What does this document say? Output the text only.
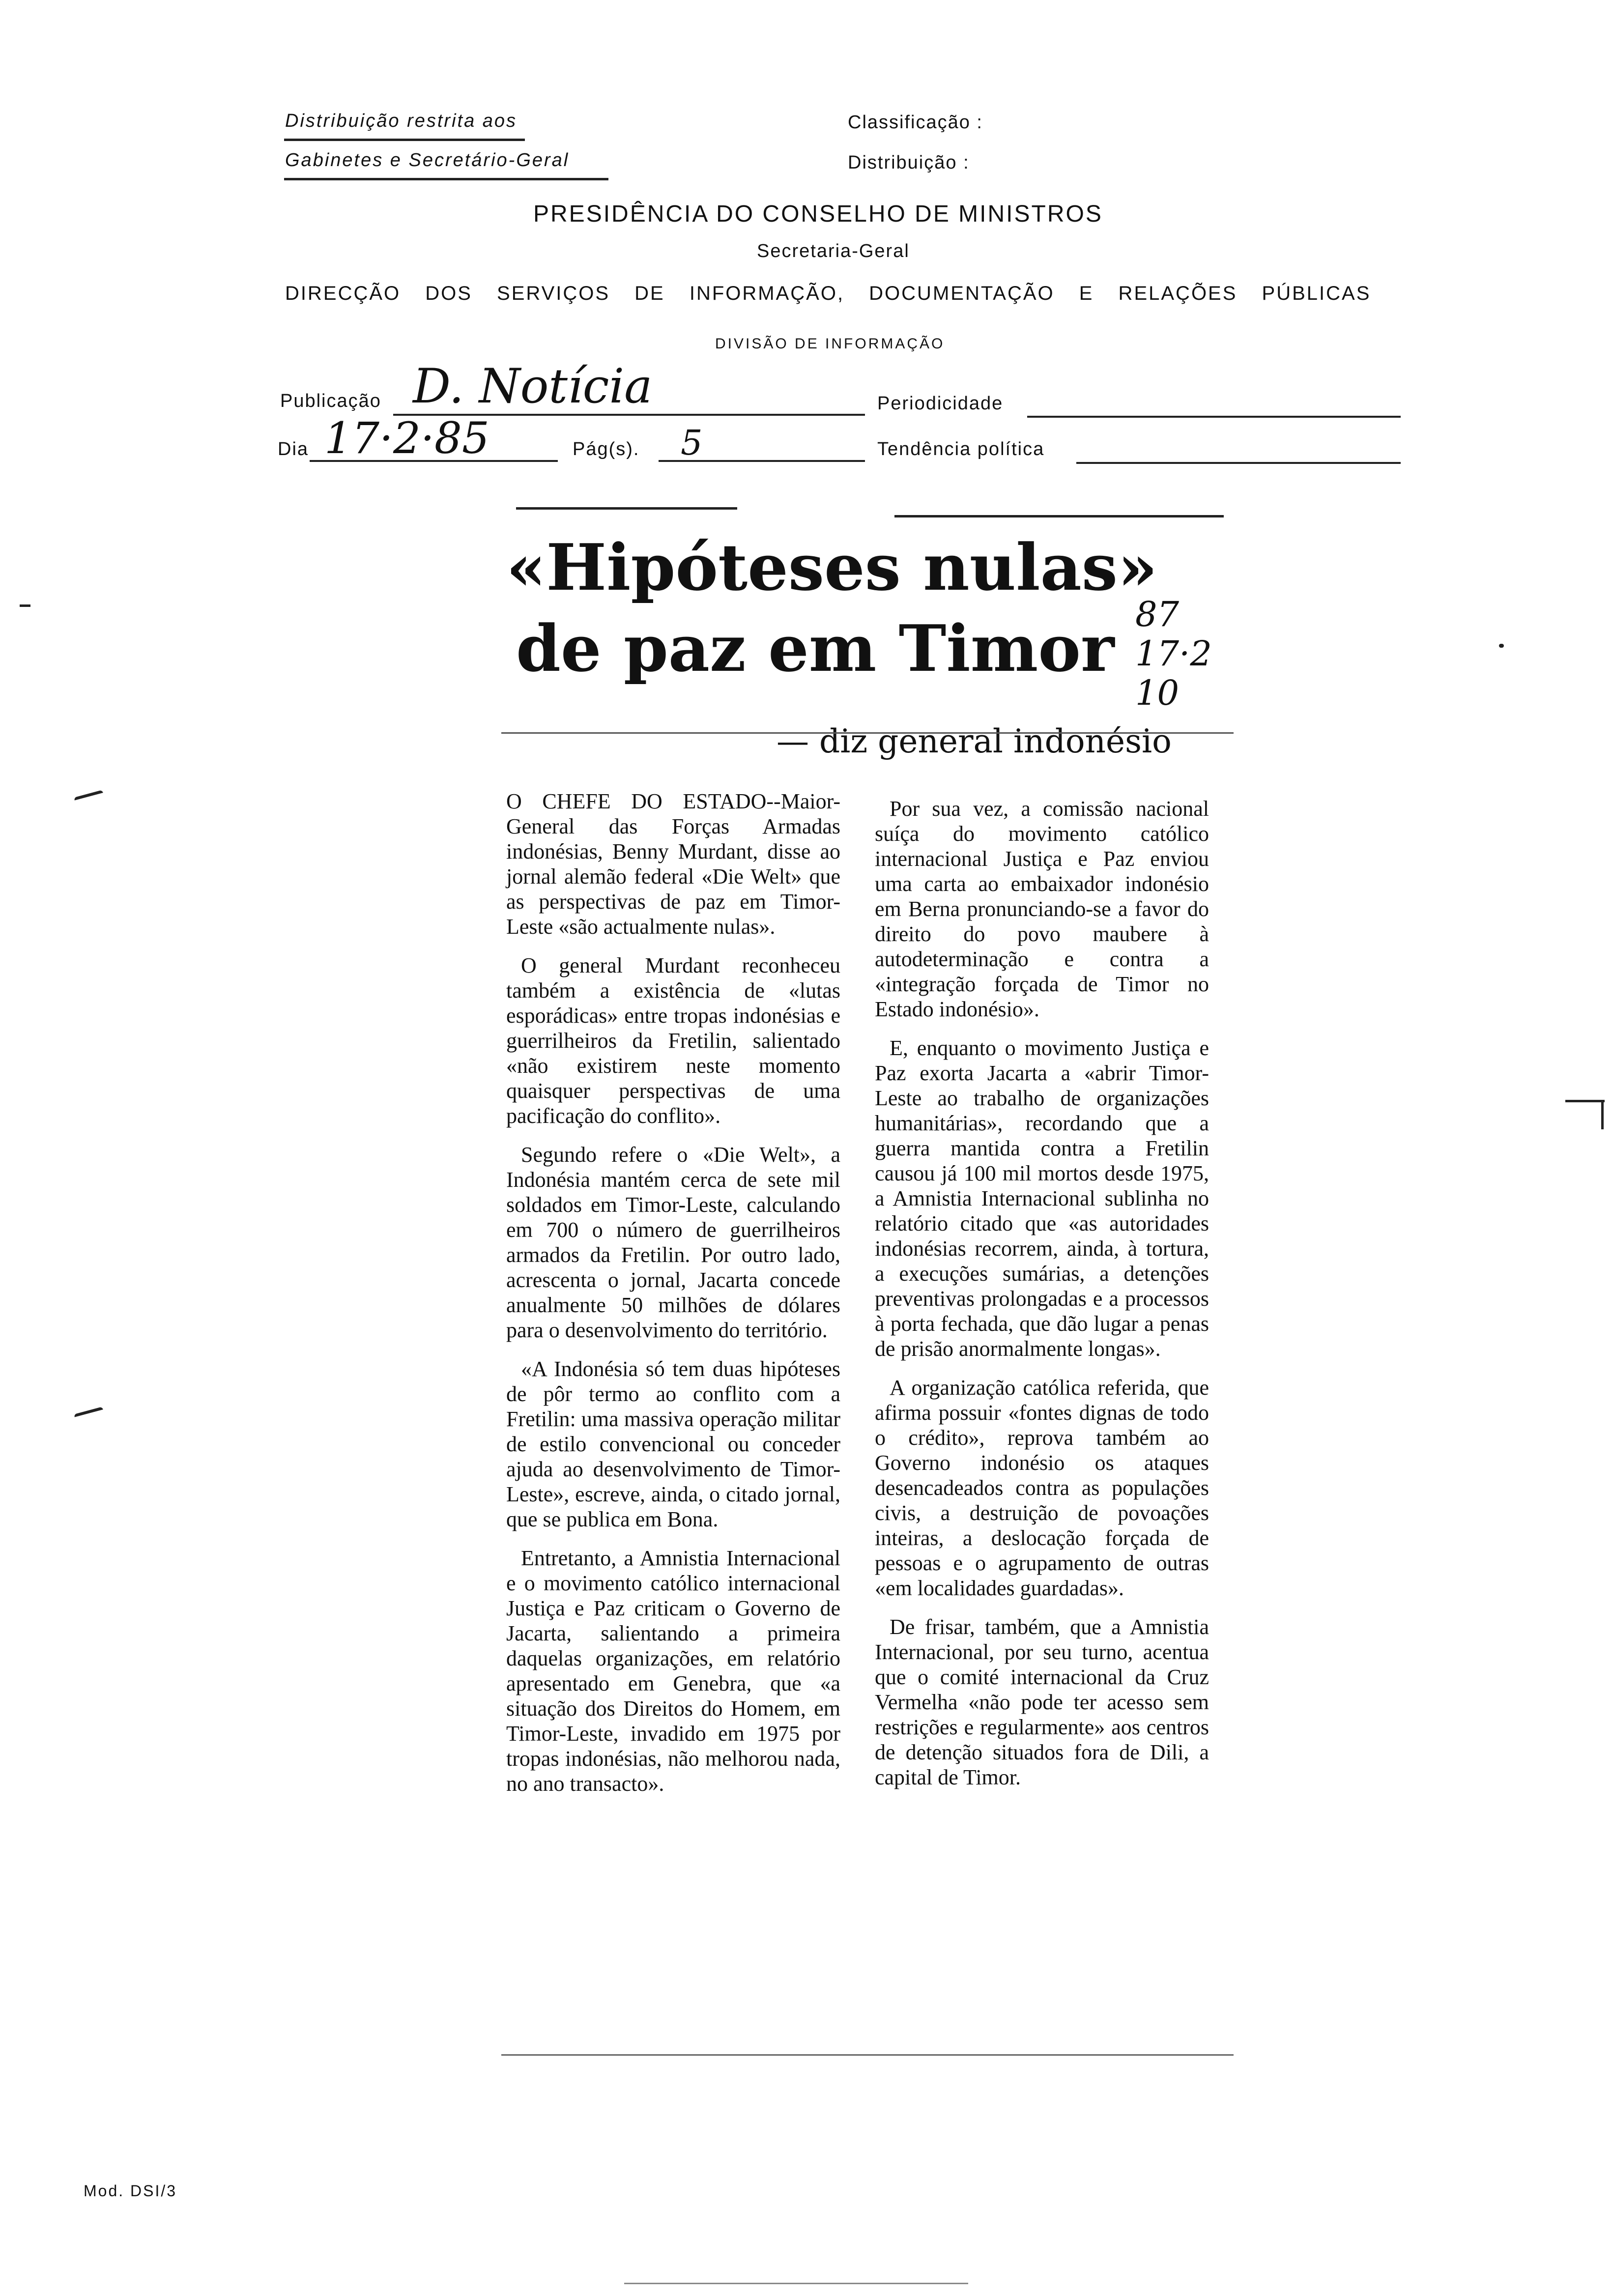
Distribuição restrita aos
Gabinetes e Secretário-Geral
Classificação :
Distribuição :
PRESIDÊNCIA DO CONSELHO DE MINISTROS
Secretaria-Geral
DIRECÇÃO DOS SERVIÇOS DE INFORMAÇÃO, DOCUMENTAÇÃO E RELAÇÕES PÚBLICAS
DIVISÃO DE INFORMAÇÃO
Publicação D. Notícia	Periodicidade
Dia 17·2·85	Pág(s). 5	Tendência política
«Hipóteses nulas»
de paz em Timor 87 17·2 10
— diz general indonésio

O CHEFE DO ESTADO--Maior-General das Forças Armadas indonésias, Benny Murdant, disse ao jornal alemão federal «Die Welt» que as perspectivas de paz em Timor-Leste «são actualmente nulas».

O general Murdant reconheceu também a existência de «lutas esporádicas» entre tropas indonésias e guerrilheiros da Fretilin, salientado «não existirem neste momento quaisquer perspectivas de uma pacificação do conflito».

Segundo refere o «Die Welt», a Indonésia mantém cerca de sete mil soldados em Timor-Leste, calculando em 700 o número de guerrilheiros armados da Fretilin. Por outro lado, acrescenta o jornal, Jacarta concede anualmente 50 milhões de dólares para o desenvolvimento do território.

«A Indonésia só tem duas hipóteses de pôr termo ao conflito com a Fretilin: uma massiva operação militar de estilo convencional ou conceder ajuda ao desenvolvimento de Timor-Leste», escreve, ainda, o citado jornal, que se publica em Bona.

Entretanto, a Amnistia Internacional e o movimento católico internacional Justiça e Paz criticam o Governo de Jacarta, salientando a primeira daquelas organizações, em relatório apresentado em Genebra, que «a situação dos Direitos do Homem, em Timor-Leste, invadido em 1975 por tropas indonésias, não melhorou nada, no ano transacto».

Por sua vez, a comissão nacional suíça do movimento católico internacional Justiça e Paz enviou uma carta ao embaixador indonésio em Berna pronunciando-se a favor do direito do povo maubere à autodeterminação e contra a «integração forçada de Timor no Estado indonésio».

E, enquanto o movimento Justiça e Paz exorta Jacarta a «abrir Timor-Leste ao trabalho de organizações humanitárias», recordando que a guerra mantida contra a Fretilin causou já 100 mil mortos desde 1975, a Amnistia Internacional sublinha no relatório citado que «as autoridades indonésias recorrem, ainda, à tortura, a execuções sumárias, a detenções preventivas prolongadas e a processos à porta fechada, que dão lugar a penas de prisão anormalmente longas».

A organização católica referida, que afirma possuir «fontes dignas de todo o crédito», reprova também ao Governo indonésio os ataques desencadeados contra as populações civis, a destruição de povoações inteiras, a deslocação forçada de pessoas e o agrupamento de outras «em localidades guardadas».

De frisar, também, que a Amnistia Internacional, por seu turno, acentua que o comité internacional da Cruz Vermelha «não pode ter acesso sem restrições e regularmente» aos centros de detenção situados fora de Dili, a capital de Timor.

Mod. DSI/3
